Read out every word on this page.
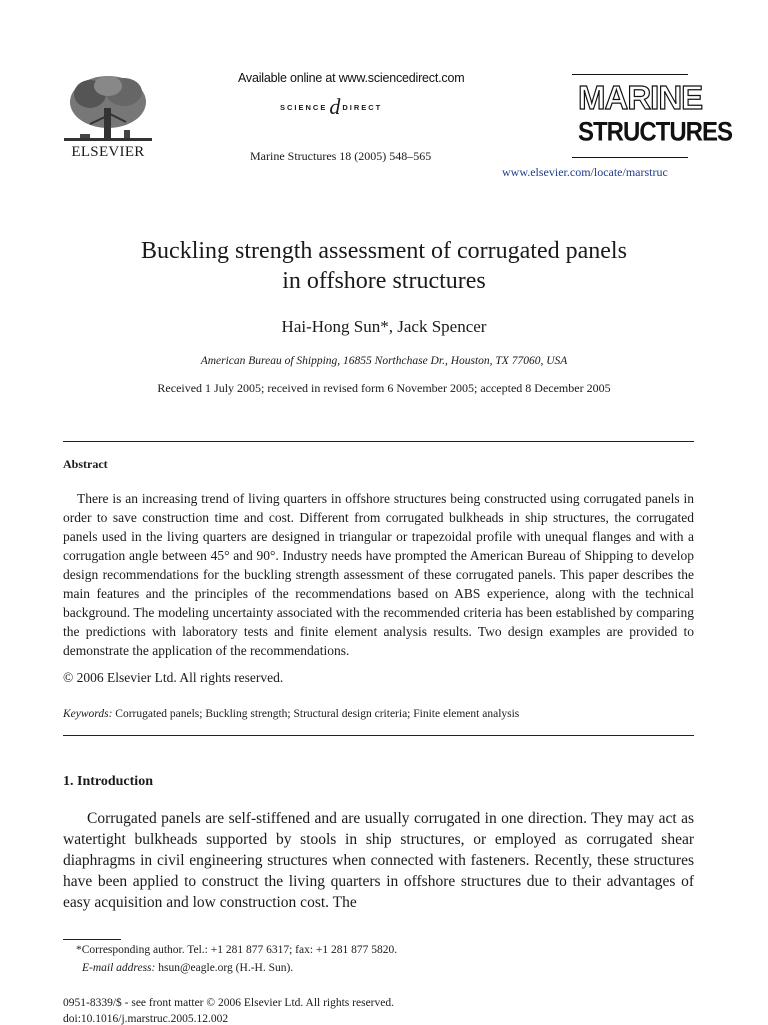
ELSEVIER
Available online at www.sciencedirect.com
SCIENCE d DIRECT
Marine Structures 18 (2005) 548–565
MARINE
STRUCTURES
www.elsevier.com/locate/marstruc
Buckling strength assessment of corrugated panels
in offshore structures
Hai-Hong Sun*, Jack Spencer
American Bureau of Shipping, 16855 Northchase Dr., Houston, TX 77060, USA
Received 1 July 2005; received in revised form 6 November 2005; accepted 8 December 2005
Abstract
There is an increasing trend of living quarters in offshore structures being constructed using corrugated panels in order to save construction time and cost. Different from corrugated bulkheads in ship structures, the corrugated panels used in the living quarters are designed in triangular or trapezoidal profile with unequal flanges and with a corrugation angle between 45° and 90°. Industry needs have prompted the American Bureau of Shipping to develop design recommendations for the buckling strength assessment of these corrugated panels. This paper describes the main features and the principles of the recommendations based on ABS experience, along with the technical background. The modeling uncertainty associated with the recommended criteria has been established by comparing the predictions with laboratory tests and finite element analysis results. Two design examples are provided to demonstrate the application of the recommendations.
© 2006 Elsevier Ltd. All rights reserved.
Keywords: Corrugated panels; Buckling strength; Structural design criteria; Finite element analysis
1. Introduction
Corrugated panels are self-stiffened and are usually corrugated in one direction. They may act as watertight bulkheads supported by stools in ship structures, or employed as corrugated shear diaphragms in civil engineering structures when connected with fasteners. Recently, these structures have been applied to construct the living quarters in offshore structures due to their advantages of easy acquisition and low construction cost. The
*Corresponding author. Tel.: +1 281 877 6317; fax: +1 281 877 5820.
E-mail address: hsun@eagle.org (H.-H. Sun).
0951-8339/$ - see front matter © 2006 Elsevier Ltd. All rights reserved.
doi:10.1016/j.marstruc.2005.12.002
